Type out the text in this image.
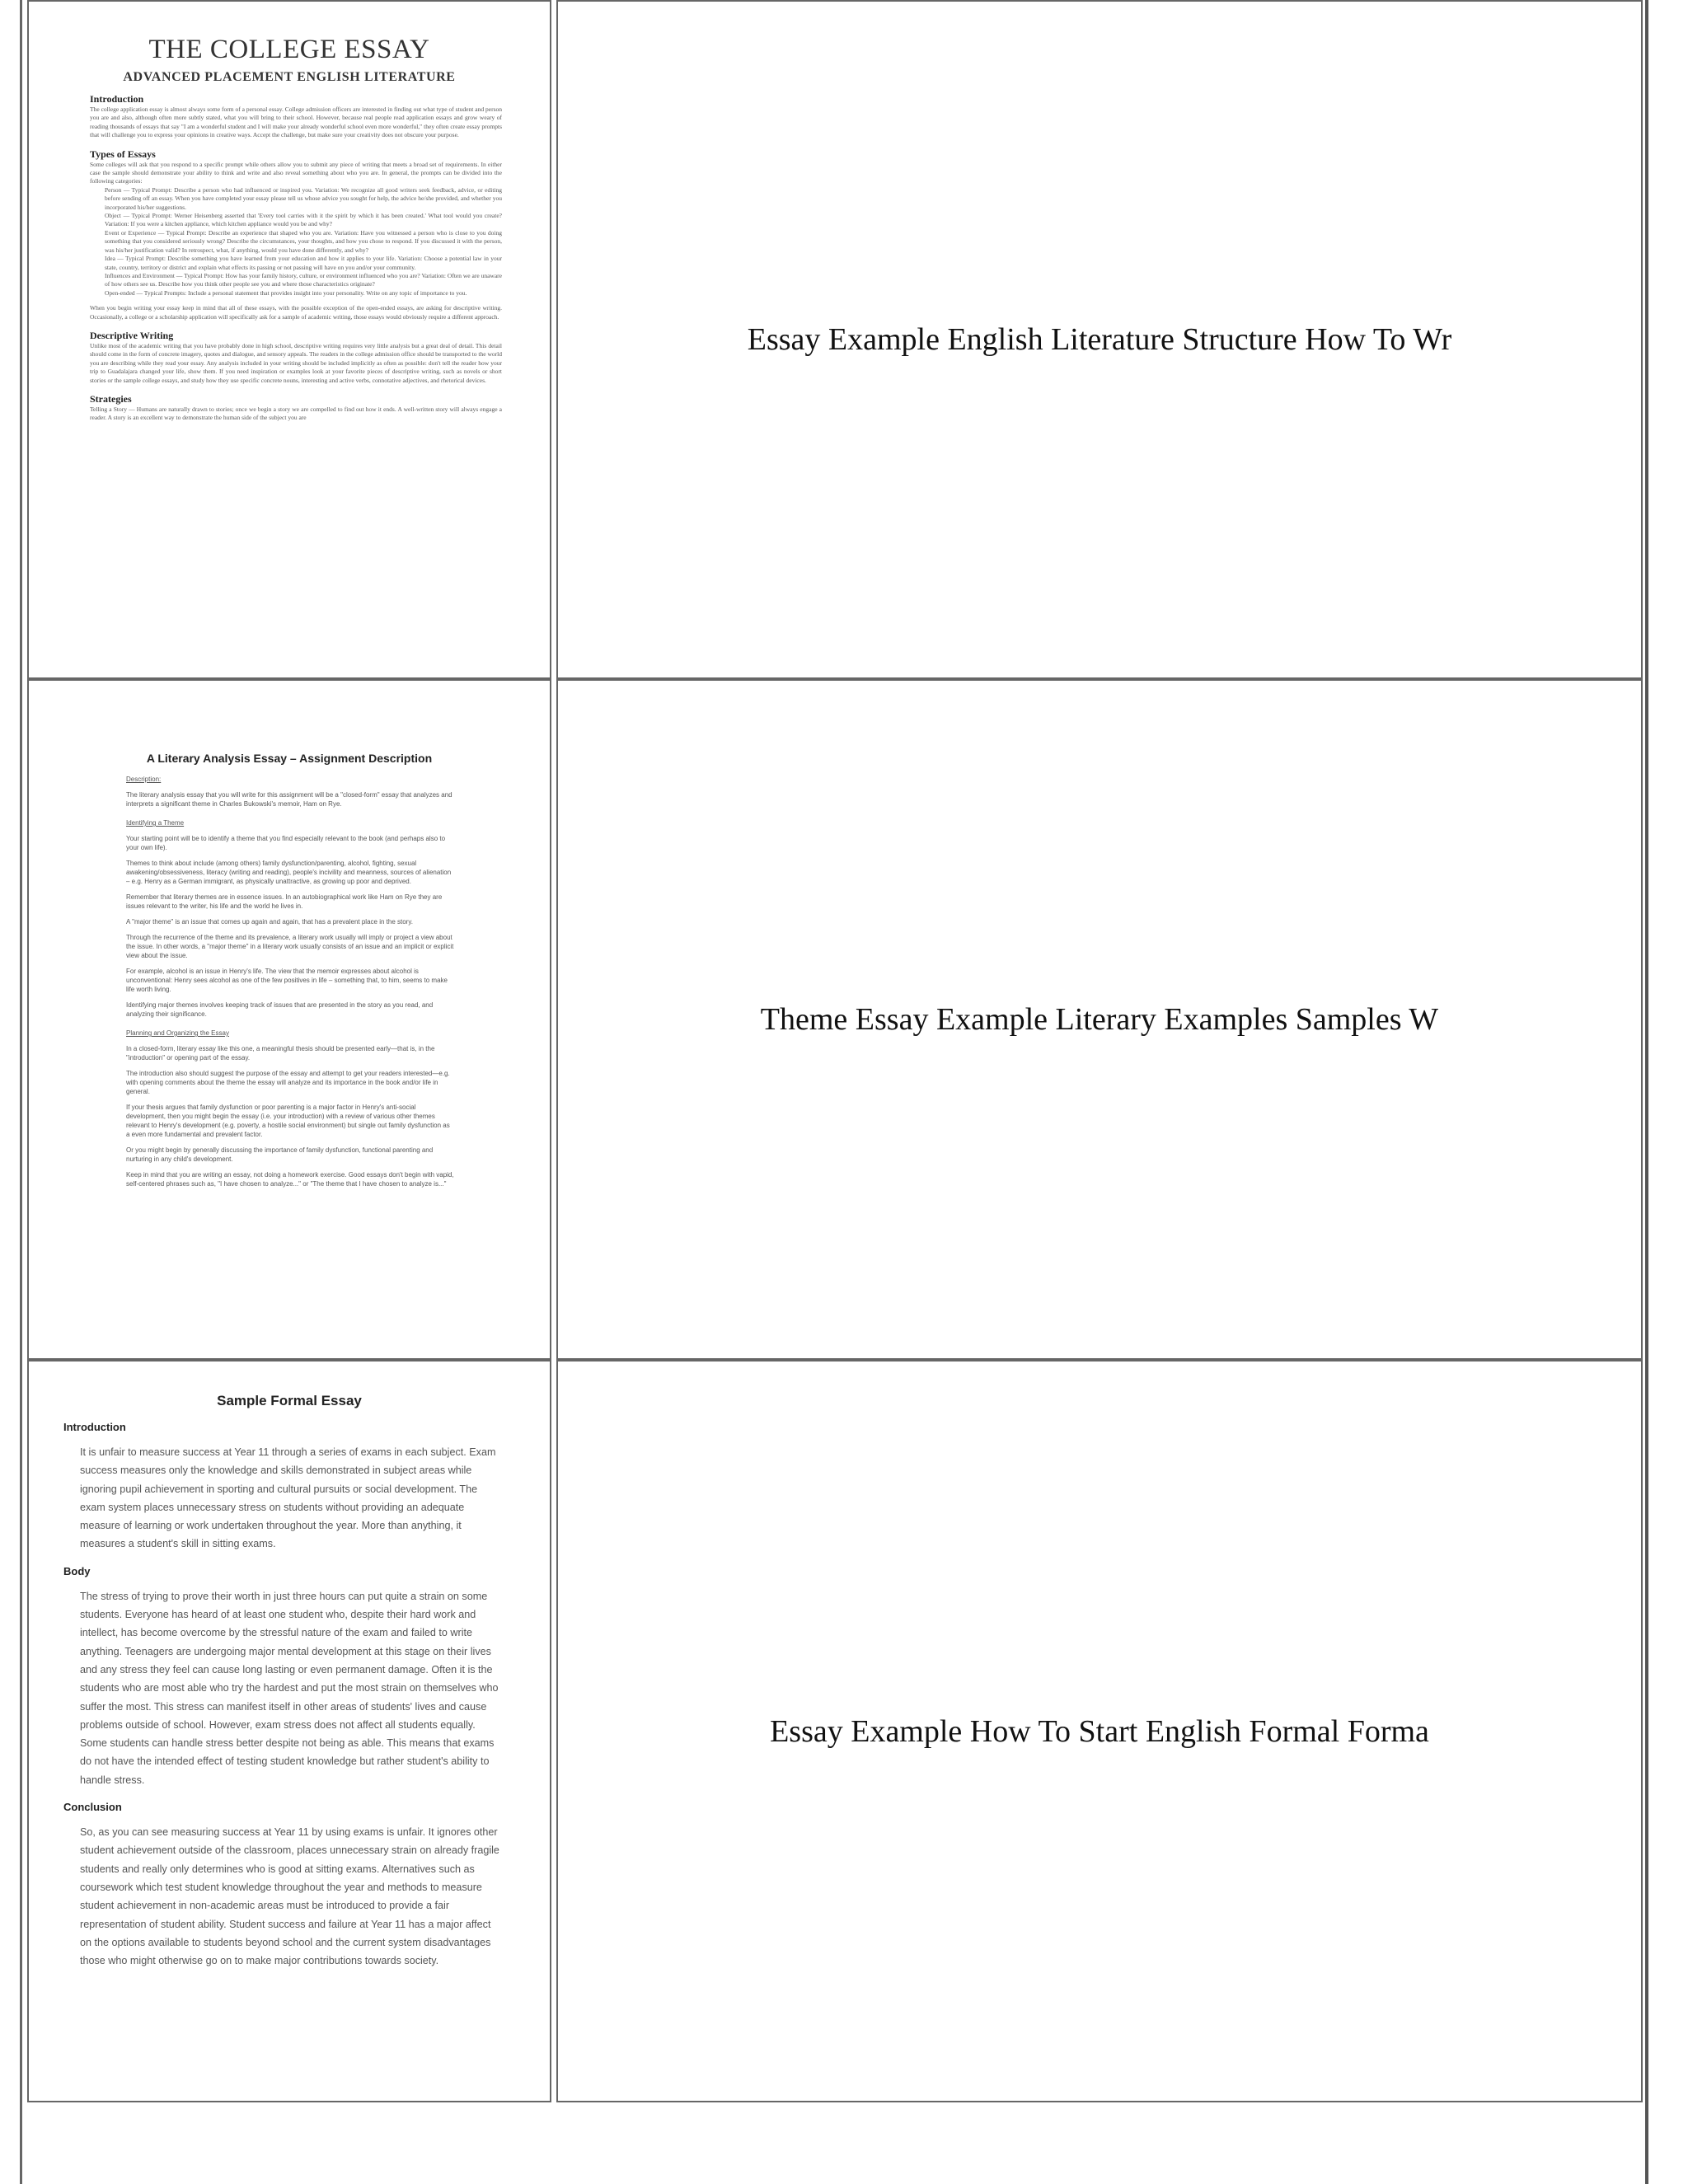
THE COLLEGE ESSAY
ADVANCED PLACEMENT ENGLISH LITERATURE
Introduction

The college application essay is almost always some form of a personal essay. College admission officers are interested in finding out what type of student and person you are and also, although often more subtly stated, what you will bring to their school. However, because real people read application essays and grow weary of reading thousands of essays that say "I am a wonderful student and I will make your already wonderful school even more wonderful," they often create essay prompts that will challenge you to express your opinions in creative ways. Accept the challenge, but make sure your creativity does not obscure your purpose.

Types of Essays

Some colleges will ask that you respond to a specific prompt while others allow you to submit any piece of writing that meets a broad set of requirements. In either case the sample should demonstrate your ability to think and write and also reveal something about who you are. In general, the prompts can be divided into the following categories:

Person — Typical Prompt: Describe a person who had influenced or inspired you. Variation: We recognize all good writers seek feedback, advice, or editing before sending off an essay. When you have completed your essay please tell us whose advice you sought for help, the advice he/she provided, and whether you incorporated his/her suggestions.

Object — Typical Prompt: Werner Heisenberg asserted that 'Every tool carries with it the spirit by which it has been created.' What tool would you create? Variation: If you were a kitchen appliance, which kitchen appliance would you be and why?

Event or Experience — Typical Prompt: Describe an experience that shaped who you are. Variation: Have you witnessed a person who is close to you doing something that you considered seriously wrong? Describe the circumstances, your thoughts, and how you chose to respond. If you discussed it with the person, was his/her justification valid? In retrospect, what, if anything, would you have done differently, and why?

Idea — Typical Prompt: Describe something you have learned from your education and how it applies to your life. Variation: Choose a potential law in your state, country, territory or district and explain what effects its passing or not passing will have on you and/or your community.

Influences and Environment — Typical Prompt: How has your family history, culture, or environment influenced who you are? Variation: Often we are unaware of how others see us. Describe how you think other people see you and where those characteristics originate?

Open-ended — Typical Prompts: Include a personal statement that provides insight into your personality. Write on any topic of importance to you.

When you begin writing your essay keep in mind that all of these essays, with the possible exception of the open-ended essays, are asking for descriptive writing. Occasionally, a college or a scholarship application will specifically ask for a sample of academic writing, those essays would obviously require a different approach.

Descriptive Writing

Unlike most of the academic writing that you have probably done in high school, descriptive writing requires very little analysis but a great deal of detail. This detail should come in the form of concrete imagery, quotes and dialogue, and sensory appeals. The readers in the college admission office should be transported to the world you are describing while they read your essay. Any analysis included in your writing should be included implicitly as often as possible: don't tell the reader how your trip to Guadalajara changed your life, show them. If you need inspiration or examples look at your favorite pieces of descriptive writing, such as novels or short stories or the sample college essays, and study how they use specific concrete nouns, interesting and active verbs, connotative adjectives, and rhetorical devices.

Strategies

Telling a Story — Humans are naturally drawn to stories; once we begin a story we are compelled to find out how it ends. A well-written story will always engage a reader. A story is an excellent way to demonstrate the human side of the subject you are

Essay Example English Literature Structure How To Wr
A Literary Analysis Essay – Assignment Description

Description:

The literary analysis essay that you will write for this assignment will be a "closed-form" essay that analyzes and interprets a significant theme in Charles Bukowski's memoir, Ham on Rye.

Identifying a Theme

Your starting point will be to identify a theme that you find especially relevant to the book (and perhaps also to your own life).

Themes to think about include (among others) family dysfunction/parenting, alcohol, fighting, sexual awakening/obsessiveness, literacy (writing and reading), people's incivility and meanness, sources of alienation – e.g. Henry as a German immigrant, as physically unattractive, as growing up poor and deprived.

Remember that literary themes are in essence issues. In an autobiographical work like Ham on Rye they are issues relevant to the writer, his life and the world he lives in.

A "major theme" is an issue that comes up again and again, that has a prevalent place in the story.

Through the recurrence of the theme and its prevalence, a literary work usually will imply or project a view about the issue. In other words, a "major theme" in a literary work usually consists of an issue and an implicit or explicit view about the issue.

For example, alcohol is an issue in Henry's life. The view that the memoir expresses about alcohol is unconventional: Henry sees alcohol as one of the few positives in life – something that, to him, seems to make life worth living.

Identifying major themes involves keeping track of issues that are presented in the story as you read, and analyzing their significance.

Planning and Organizing the Essay

In a closed-form, literary essay like this one, a meaningful thesis should be presented early—that is, in the "introduction" or opening part of the essay.

The introduction also should suggest the purpose of the essay and attempt to get your readers interested—e.g. with opening comments about the theme the essay will analyze and its importance in the book and/or life in general.

If your thesis argues that family dysfunction or poor parenting is a major factor in Henry's anti-social development, then you might begin the essay (i.e. your introduction) with a review of various other themes relevant to Henry's development (e.g. poverty, a hostile social environment) but single out family dysfunction as a even more fundamental and prevalent factor.

Or you might begin by generally discussing the importance of family dysfunction, functional parenting and nurturing in any child's development.

Keep in mind that you are writing an essay, not doing a homework exercise. Good essays don't begin with vapid, self-centered phrases such as, "I have chosen to analyze..." or "The theme that I have chosen to analyze is..."

Theme Essay Example Literary Examples Samples W
Sample Formal Essay
Introduction

It is unfair to measure success at Year 11 through a series of exams in each subject. Exam success measures only the knowledge and skills demonstrated in subject areas while ignoring pupil achievement in sporting and cultural pursuits or social development. The exam system places unnecessary stress on students without providing an adequate measure of learning or work undertaken throughout the year. More than anything, it measures a student's skill in sitting exams.

Body

The stress of trying to prove their worth in just three hours can put quite a strain on some students. Everyone has heard of at least one student who, despite their hard work and intellect, has become overcome by the stressful nature of the exam and failed to write anything. Teenagers are undergoing major mental development at this stage on their lives and any stress they feel can cause long lasting or even permanent damage. Often it is the students who are most able who try the hardest and put the most strain on themselves who suffer the most. This stress can manifest itself in other areas of students' lives and cause problems outside of school. However, exam stress does not affect all students equally. Some students can handle stress better despite not being as able. This means that exams do not have the intended effect of testing student knowledge but rather student's ability to handle stress.

Conclusion

So, as you can see measuring success at Year 11 by using exams is unfair. It ignores other student achievement outside of the classroom, places unnecessary strain on already fragile students and really only determines who is good at sitting exams. Alternatives such as coursework which test student knowledge throughout the year and methods to measure student achievement in non-academic areas must be introduced to provide a fair representation of student ability. Student success and failure at Year 11 has a major affect on the options available to students beyond school and the current system disadvantages those who might otherwise go on to make major contributions towards society.

Essay Example How To Start English Formal Forma
